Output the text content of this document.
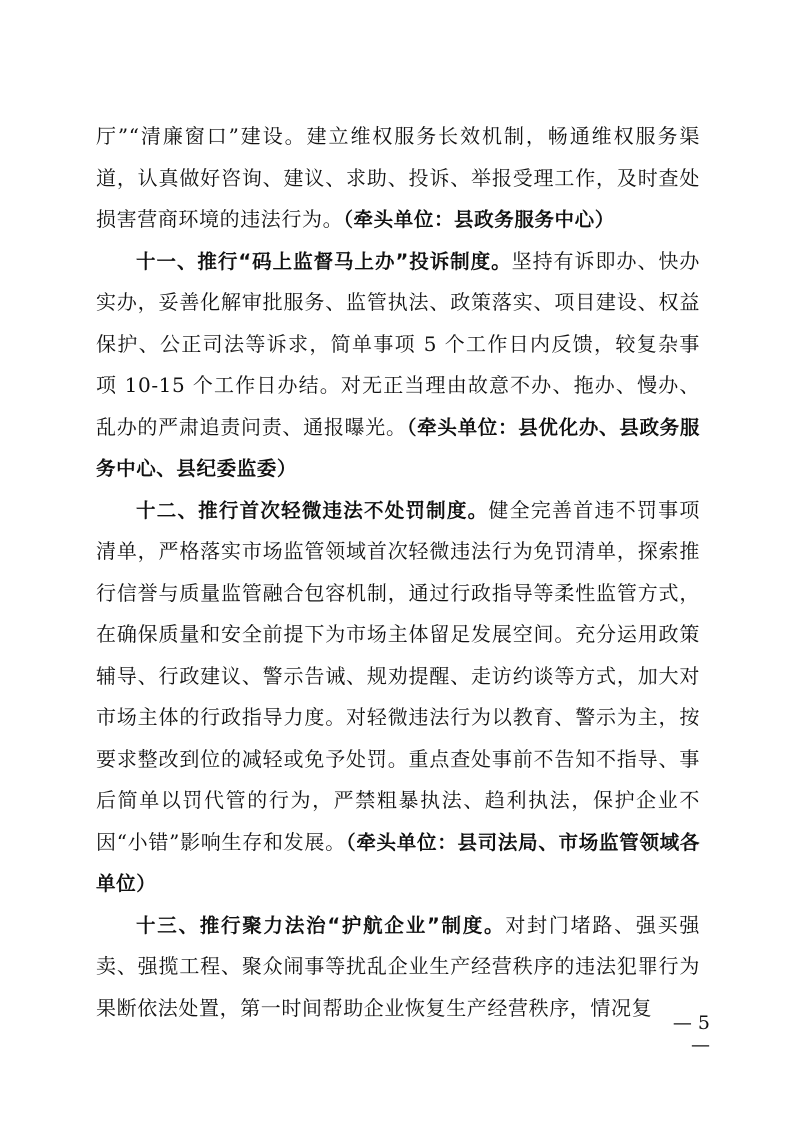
厅”“清廉窗口”建设。建立维权服务长效机制，畅通维权服务渠道，认真做好咨询、建议、求助、投诉、举报受理工作，及时查处损害营商环境的违法行为。（牵头单位：县政务服务中心）

十一、推行“码上监督马上办”投诉制度。坚持有诉即办、快办实办，妥善化解审批服务、监管执法、政策落实、项目建设、权益保护、公正司法等诉求，简单事项 5 个工作日内反馈，较复杂事项 10-15 个工作日办结。对无正当理由故意不办、拖办、慢办、乱办的严肃追责问责、通报曝光。（牵头单位：县优化办、县政务服务中心、县纪委监委）

十二、推行首次轻微违法不处罚制度。健全完善首违不罚事项清单，严格落实市场监管领域首次轻微违法行为免罚清单，探索推行信誉与质量监管融合包容机制，通过行政指导等柔性监管方式，在确保质量和安全前提下为市场主体留足发展空间。充分运用政策辅导、行政建议、警示告诫、规劝提醒、走访约谈等方式，加大对市场主体的行政指导力度。对轻微违法行为以教育、警示为主，按要求整改到位的减轻或免予处罚。重点查处事前不告知不指导、事后简单以罚代管的行为，严禁粗暴执法、趋利执法，保护企业不因“小错”影响生存和发展。（牵头单位：县司法局、市场监管领域各单位）

十三、推行聚力法治“护航企业”制度。对封门堵路、强买强卖、强揽工程、聚众闹事等扰乱企业生产经营秩序的违法犯罪行为果断依法处置，第一时间帮助企业恢复生产经营秩序，情况复

— 5 —
